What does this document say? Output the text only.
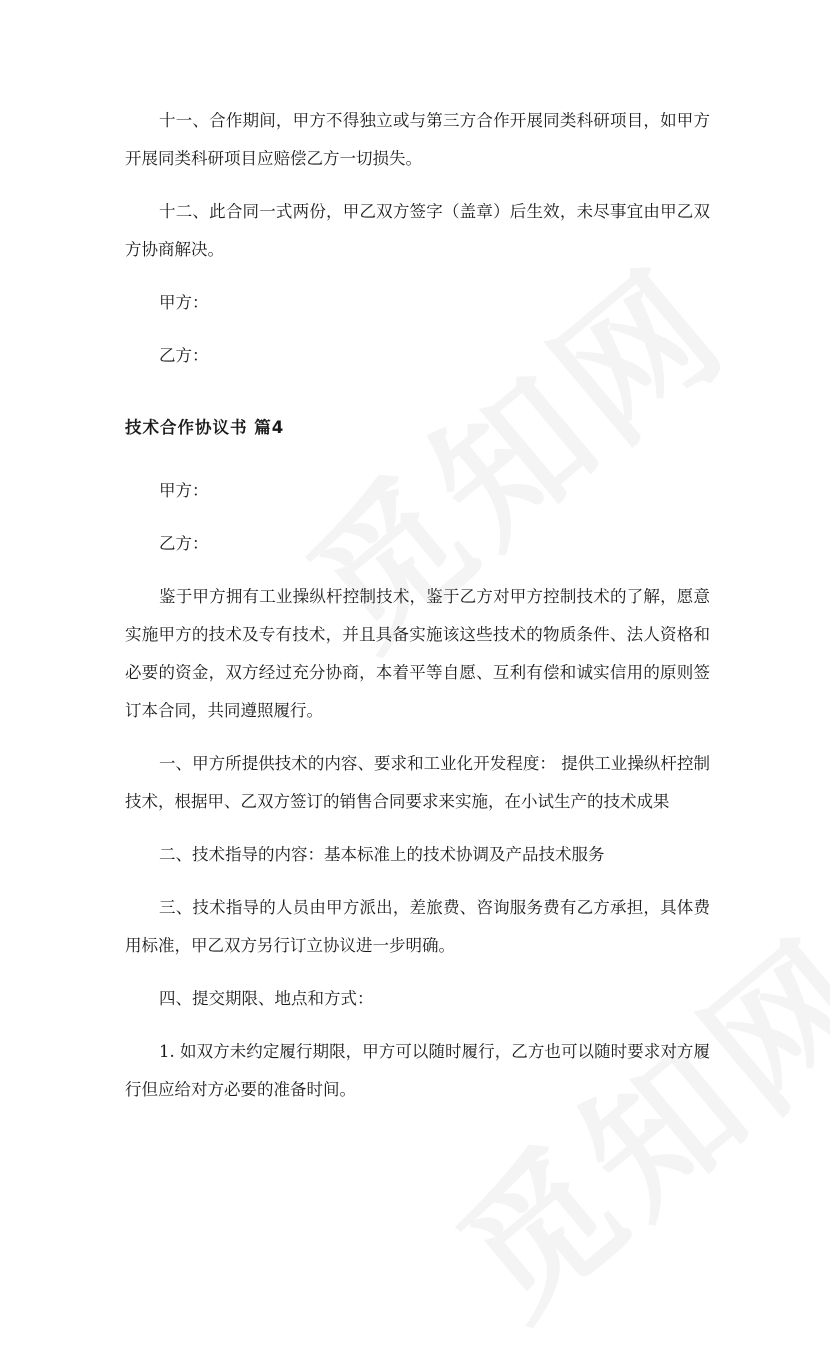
十一、合作期间，甲方不得独立或与第三方合作开展同类科研项目，如甲方开展同类科研项目应赔偿乙方一切损失。

十二、此合同一式两份，甲乙双方签字（盖章）后生效，未尽事宜由甲乙双方协商解决。

甲方：

乙方：

技术合作协议书 篇4

甲方：

乙方：

鉴于甲方拥有工业操纵杆控制技术，鉴于乙方对甲方控制技术的了解，愿意实施甲方的技术及专有技术，并且具备实施该这些技术的物质条件、法人资格和必要的资金，双方经过充分协商，本着平等自愿、互利有偿和诚实信用的原则签订本合同，共同遵照履行。

一、甲方所提供技术的内容、要求和工业化开发程度： 提供工业操纵杆控制技术，根据甲、乙双方签订的销售合同要求来实施，在小试生产的技术成果

二、技术指导的内容：基本标准上的技术协调及产品技术服务

三、技术指导的人员由甲方派出，差旅费、咨询服务费有乙方承担，具体费用标准，甲乙双方另行订立协议进一步明确。

四、提交期限、地点和方式：

1. 如双方未约定履行期限，甲方可以随时履行，乙方也可以随时要求对方履行但应给对方必要的准备时间。
